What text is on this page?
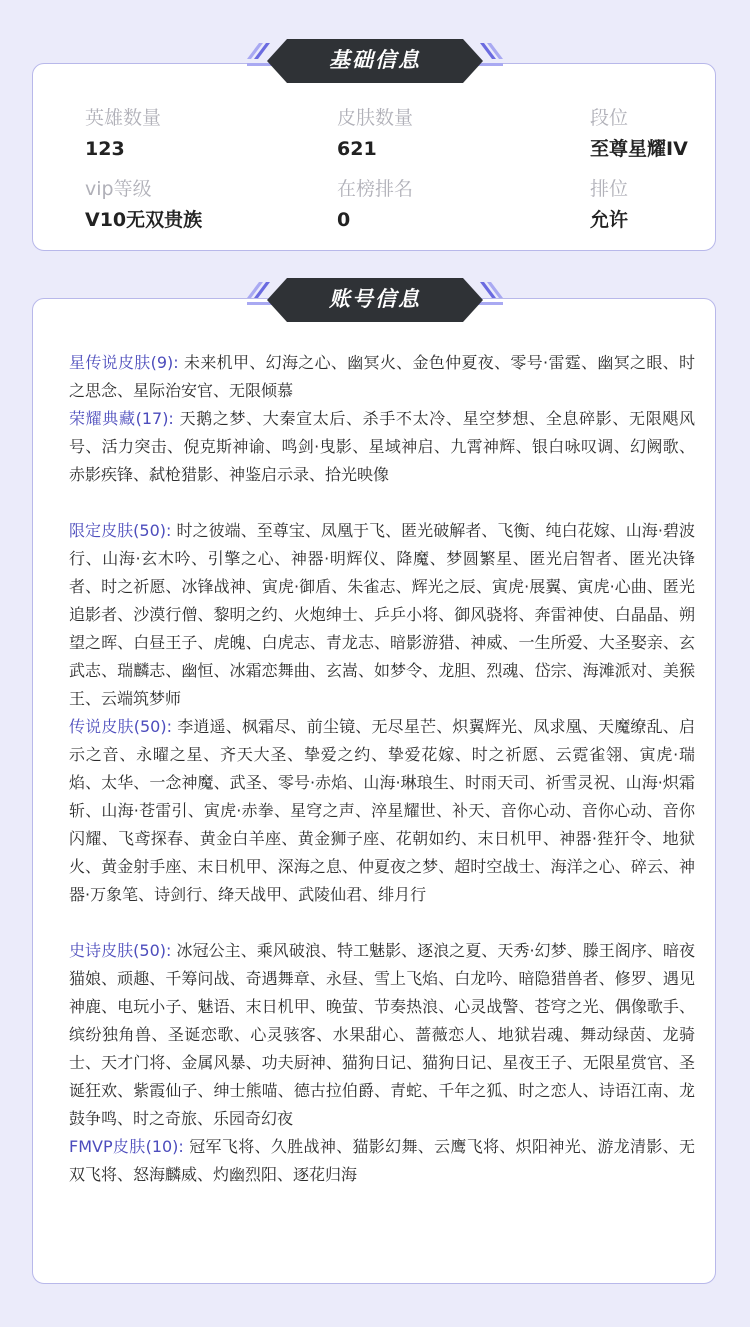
英雄数量
123
皮肤数量
621
段位
至尊星耀IV
vip等级
V10无双贵族
在榜排名
0
排位
允许
基础信息

星传说皮肤(9): 未来机甲、幻海之心、幽冥火、金色仲夏夜、零号·雷霆、幽冥之眼、时之思念、星际治安官、无限倾慕

荣耀典藏(17): 天鹅之梦、大秦宣太后、杀手不太冷、星空梦想、全息碎影、无限飓风号、活力突击、倪克斯神谕、鸣剑·曳影、星域神启、九霄神辉、银白咏叹调、幻阙歌、赤影疾锋、弑枪猎影、神鉴启示录、拾光映像

限定皮肤(50): 时之彼端、至尊宝、凤凰于飞、匿光破解者、飞衡、纯白花嫁、山海·碧波行、山海·玄木吟、引擎之心、神器·明辉仪、降魔、梦圆繁星、匿光启智者、匿光决锋者、时之祈愿、冰锋战神、寅虎·御盾、朱雀志、辉光之辰、寅虎·展翼、寅虎·心曲、匿光追影者、沙漠行僧、黎明之约、火炮绅士、乒乒小将、御风骁将、奔雷神使、白晶晶、朔望之晖、白昼王子、虎魄、白虎志、青龙志、暗影游猎、神威、一生所爱、大圣娶亲、玄武志、瑞麟志、幽恒、冰霜恋舞曲、玄嵩、如梦令、龙胆、烈魂、岱宗、海滩派对、美猴王、云端筑梦师

传说皮肤(50): 李逍遥、枫霜尽、前尘镜、无尽星芒、炽翼辉光、凤求凰、天魔缭乱、启示之音、永曜之星、齐天大圣、挚爱之约、挚爱花嫁、时之祈愿、云霓雀翎、寅虎·瑞焰、太华、一念神魔、武圣、零号·赤焰、山海·琳琅生、时雨天司、祈雪灵祝、山海·炽霜斩、山海·苍雷引、寅虎·赤拳、星穹之声、淬星耀世、补天、音你心动、音你心动、音你闪耀、飞鸢探春、黄金白羊座、黄金狮子座、花朝如约、末日机甲、神器·狴犴令、地狱火、黄金射手座、末日机甲、深海之息、仲夏夜之梦、超时空战士、海洋之心、碎云、神器·万象笔、诗剑行、绛天战甲、武陵仙君、绯月行

史诗皮肤(50): 冰冠公主、乘风破浪、特工魅影、逐浪之夏、天秀·幻梦、滕王阁序、暗夜猫娘、顽趣、千筹问战、奇遇舞章、永昼、雪上飞焰、白龙吟、暗隐猎兽者、修罗、遇见神鹿、电玩小子、魅语、末日机甲、晚萤、节奏热浪、心灵战警、苍穹之光、偶像歌手、缤纷独角兽、圣诞恋歌、心灵骇客、水果甜心、蔷薇恋人、地狱岩魂、舞动绿茵、龙骑士、天才门将、金属风暴、功夫厨神、猫狗日记、猫狗日记、星夜王子、无限星赏官、圣诞狂欢、紫霞仙子、绅士熊喵、德古拉伯爵、青蛇、千年之狐、时之恋人、诗语江南、龙鼓争鸣、时之奇旅、乐园奇幻夜

FMVP皮肤(10): 冠军飞将、久胜战神、猫影幻舞、云鹰飞将、炽阳神光、游龙清影、无双飞将、怒海麟威、灼幽烈阳、逐花归海

账号信息
